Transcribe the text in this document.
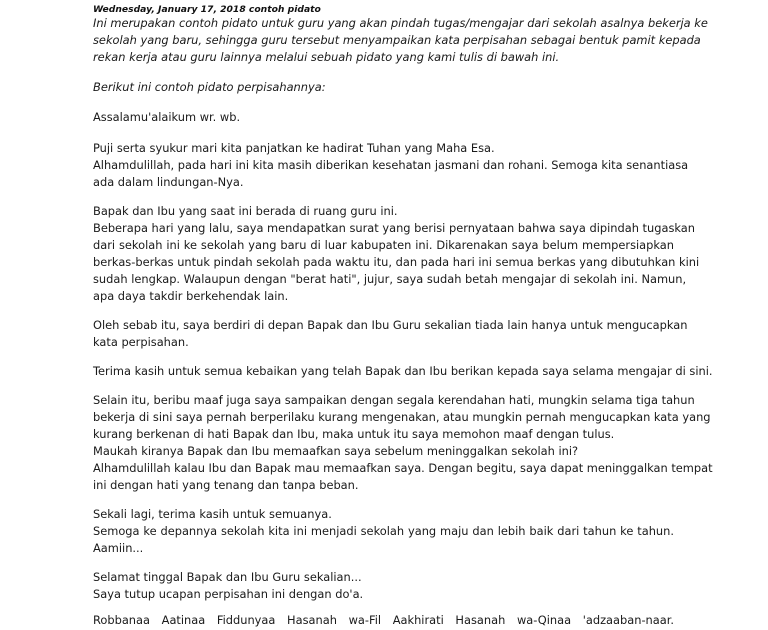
Wednesday, January 17, 2018 contoh pidato
Ini merupakan contoh pidato untuk guru yang akan pindah tugas/mengajar dari sekolah asalnya bekerja ke
sekolah yang baru, sehingga guru tersebut menyampaikan kata perpisahan sebagai bentuk pamit kepada
rekan kerja atau guru lainnya melalui sebuah pidato yang kami tulis di bawah ini.
Berikut ini contoh pidato perpisahannya:
Assalamu'alaikum wr. wb.
Puji serta syukur mari kita panjatkan ke hadirat Tuhan yang Maha Esa.
Alhamdulillah, pada hari ini kita masih diberikan kesehatan jasmani dan rohani. Semoga kita senantiasa
ada dalam lindungan-Nya.
Bapak dan Ibu yang saat ini berada di ruang guru ini.
Beberapa hari yang lalu, saya mendapatkan surat yang berisi pernyataan bahwa saya dipindah tugaskan
dari sekolah ini ke sekolah yang baru di luar kabupaten ini. Dikarenakan saya belum mempersiapkan
berkas-berkas untuk pindah sekolah pada waktu itu, dan pada hari ini semua berkas yang dibutuhkan kini
sudah lengkap. Walaupun dengan "berat hati", jujur, saya sudah betah mengajar di sekolah ini. Namun,
apa daya takdir berkehendak lain.
Oleh sebab itu, saya berdiri di depan Bapak dan Ibu Guru sekalian tiada lain hanya untuk mengucapkan
kata perpisahan.
Terima kasih untuk semua kebaikan yang telah Bapak dan Ibu berikan kepada saya selama mengajar di sini.
Selain itu, beribu maaf juga saya sampaikan dengan segala kerendahan hati, mungkin selama tiga tahun
bekerja di sini saya pernah berperilaku kurang mengenakan, atau mungkin pernah mengucapkan kata yang
kurang berkenan di hati Bapak dan Ibu, maka untuk itu saya memohon maaf dengan tulus.
Maukah kiranya Bapak dan Ibu memaafkan saya sebelum meninggalkan sekolah ini?
Alhamdulillah kalau Ibu dan Bapak mau memaafkan saya. Dengan begitu, saya dapat meninggalkan tempat
ini dengan hati yang tenang dan tanpa beban.
Sekali lagi, terima kasih untuk semuanya.
Semoga ke depannya sekolah kita ini menjadi sekolah yang maju dan lebih baik dari tahun ke tahun.
Aamiin...
Selamat tinggal Bapak dan Ibu Guru sekalian...
Saya tutup ucapan perpisahan ini dengan do'a.
Robbanaa Aatinaa Fiddunyaa Hasanah wa-Fil Aakhirati Hasanah wa-Qinaa 'adzaaban-naar.
